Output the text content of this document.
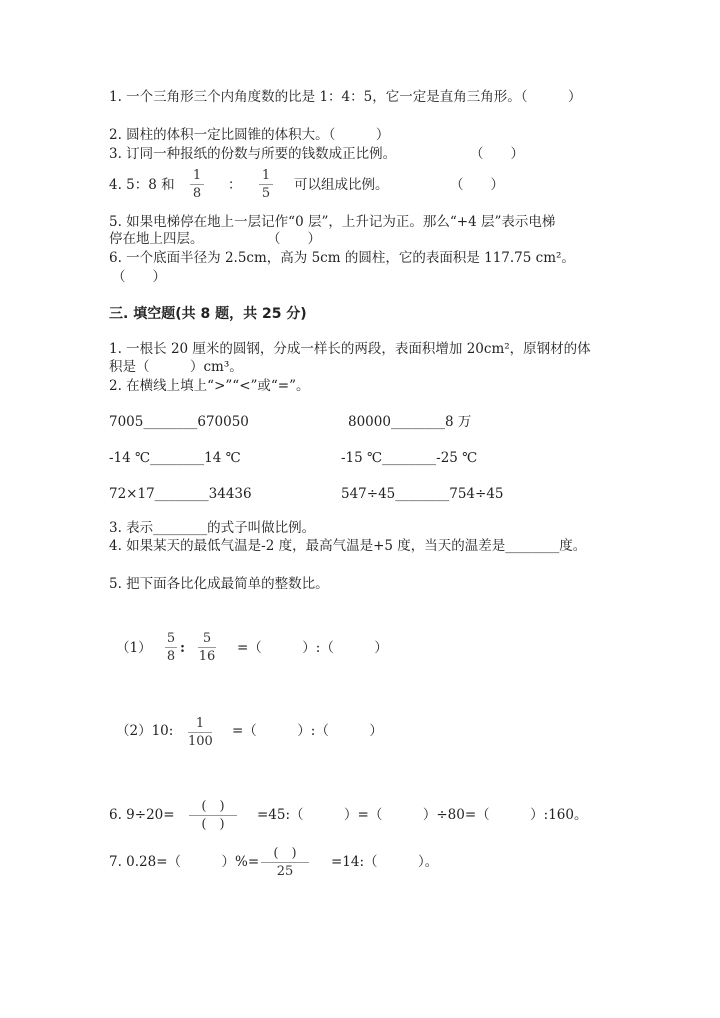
1. 一个三角形三个内角度数的比是 1：4：5，它一定是直角三角形。（　　　）
2. 圆柱的体积一定比圆锥的体积大。（　　　）
3. 订同一种报纸的份数与所要的钱数成正比例。	（　　）
4. 5：8 和
1
8
：
1
5
可以组成比例。	（　　）
5. 如果电梯停在地上一层记作“0 层”，上升记为正。那么“+4 层”表示电梯
停在地上四层。	（　　）
6. 一个底面半径为 2.5cm，高为 5cm 的圆柱，它的表面积是 117.75 cm²。
（　　）
三. 填空题(共 8 题，共 25 分)
1. 一根长 20 厘米的圆钢，分成一样长的两段，表面积增加 20cm²，原钢材的体
积是（　　　）cm³。
2. 在横线上填上“>”“<”或“=”。
7005________670050	80000________8 万
-14 ℃________14 ℃	-15 ℃________-25 ℃
72×17________34436	547÷45________754÷45
3. 表示________的式子叫做比例。
4. 如果某天的最低气温是-2 度，最高气温是+5 度，当天的温差是________度。
5. 把下面各比化成最简单的整数比。
（1）
5
8
:
5
16
=（　　　）:（　　　）
（2）10:	1
100
=（　　　）:（　　　）
6. 9÷20=
(　)
(　)
=45:（　　　）=（　　　）÷80=（　　　）:160。
7. 0.28=（　　　）%=
(　)
25
=14:（　　　）。
